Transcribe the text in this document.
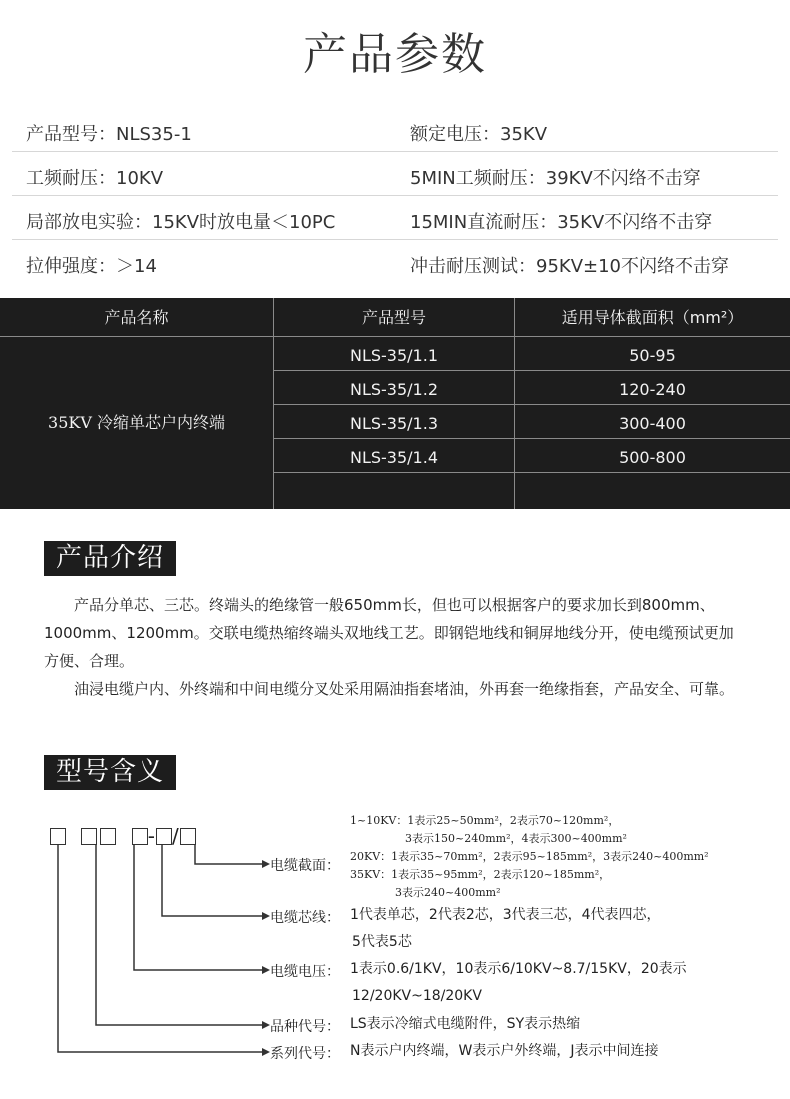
产品参数
产品型号：NLS35-1	额定电压：35KV
工频耐压：10KV	5MIN工频耐压：39KV不闪络不击穿
局部放电实验：15KV时放电量＜10PC	15MIN直流耐压：35KV不闪络不击穿
拉伸强度：＞14	冲击耐压测试：95KV±10不闪络不击穿
产品名称	产品型号	适用导体截面积（mm²）
35KV 冷缩单芯户内终端
NLS-35/1.1	50-95
NLS-35/1.2	120-240
NLS-35/1.3	300-400
NLS-35/1.4	500-800
产品介绍

产品分单芯、三芯。终端头的绝缘管一般650mm长，但也可以根据客户的要求加长到800mm、1000mm、1200mm。交联电缆热缩终端头双地线工艺。即钢铠地线和铜屏地线分开，使电缆预试更加方便、合理。

油浸电缆户内、外终端和中间电缆分叉处采用隔油指套堵油，外再套一绝缘指套，产品安全、可靠。

型号含义
- /
电缆截面：
1~10KV：1表示25~50mm²，2表示70~120mm²，
3表示150~240mm²，4表示300~400mm²
20KV：1表示35~70mm²，2表示95~185mm²，3表示240~400mm²
35KV：1表示35~95mm²，2表示120~185mm²，
3表示240~400mm²
电缆芯线： 1代表单芯，2代表2芯，3代表三芯，4代表四芯，
5代表5芯
电缆电压： 1表示0.6/1KV，10表示6/10KV~8.7/15KV，20表示
12/20KV~18/20KV
品种代号： LS表示冷缩式电缆附件，SY表示热缩
系列代号： N表示户内终端，W表示户外终端，J表示中间连接
